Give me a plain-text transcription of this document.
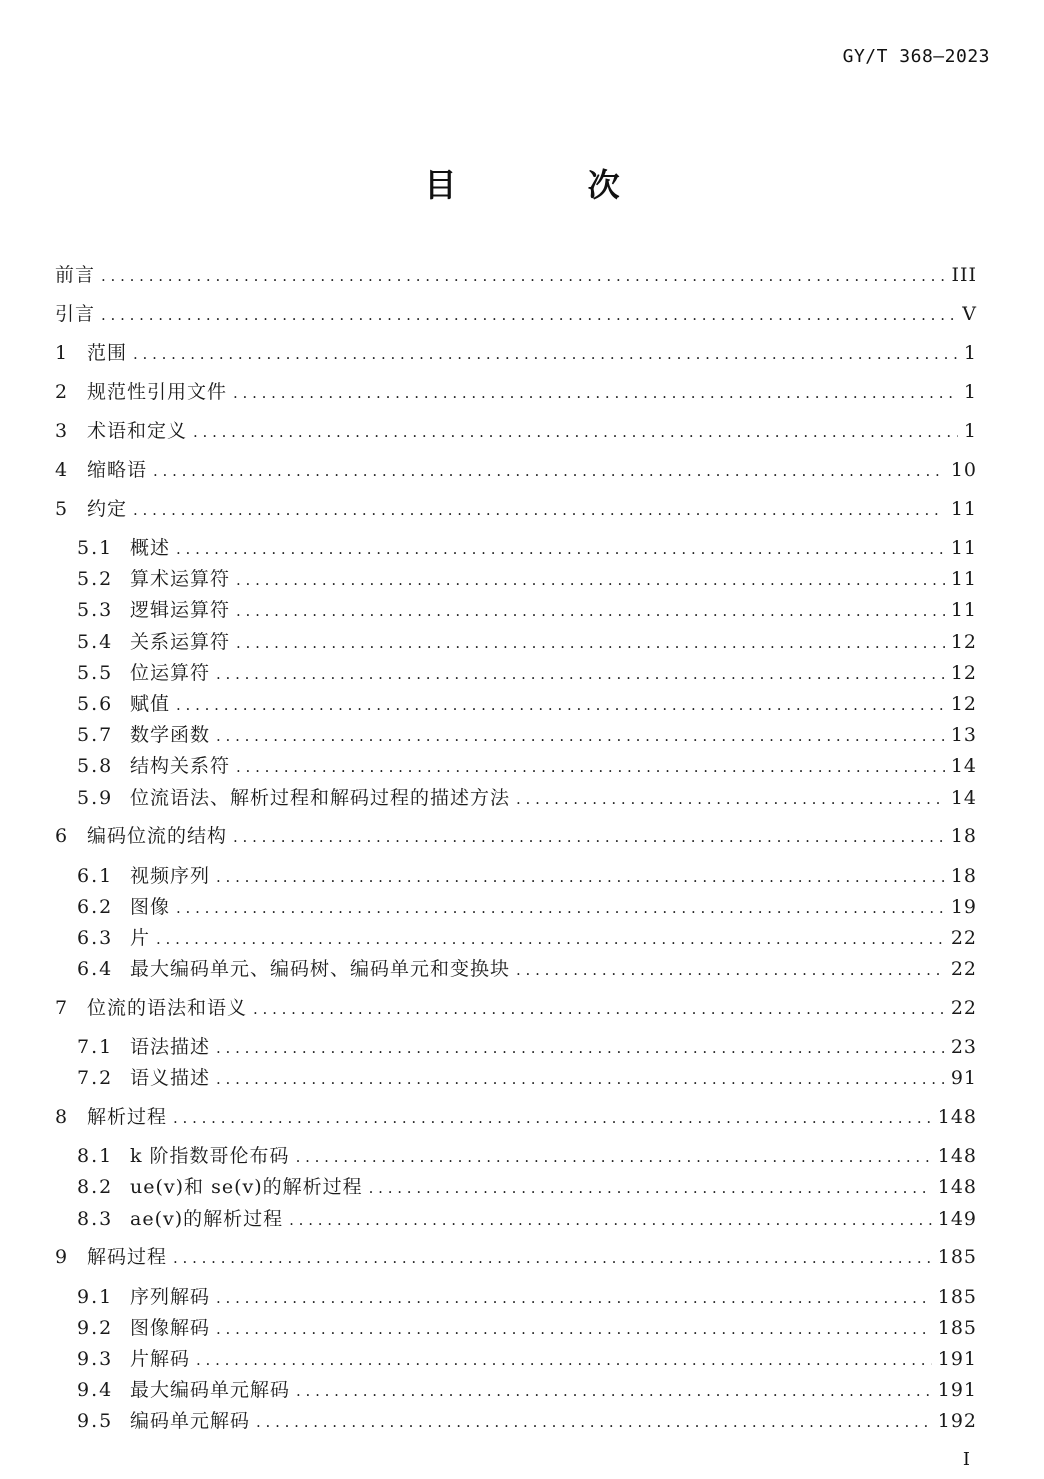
GY/T 368—2023
目 次
前言 . . .	III
引言 . . .	V
1 范围 . . .	1
2 规范性引用文件 . . .	1
3 术语和定义 . . .	1
4 缩略语 . . .	10
5 约定 . . .	11
5.1 概述 . . .	11
5.2 算术运算符 . . .	11
5.3 逻辑运算符 . . .	11
5.4 关系运算符 . . .	12
5.5 位运算符 . . .	12
5.6 赋值 . . .	12
5.7 数学函数 . . .	13
5.8 结构关系符 . . .	14
5.9 位流语法、解析过程和解码过程的描述方法 . . .	14
6 编码位流的结构 . . .	18
6.1 视频序列 . . .	18
6.2 图像 . . .	19
6.3 片 . . .	22
6.4 最大编码单元、编码树、编码单元和变换块 . . .	22
7 位流的语法和语义 . . .	22
7.1 语法描述 . . .	23
7.2 语义描述 . . .	91
8 解析过程 . . .	148
8.1 k 阶指数哥伦布码 . . .	148
8.2 ue(v)和 se(v)的解析过程 . . .	148
8.3 ae(v)的解析过程 . . .	149
9 解码过程 . . .	185
9.1 序列解码 . . .	185
9.2 图像解码 . . .	185
9.3 片解码 . . .	191
9.4 最大编码单元解码 . . .	191
9.5 编码单元解码 . . .	192
I
